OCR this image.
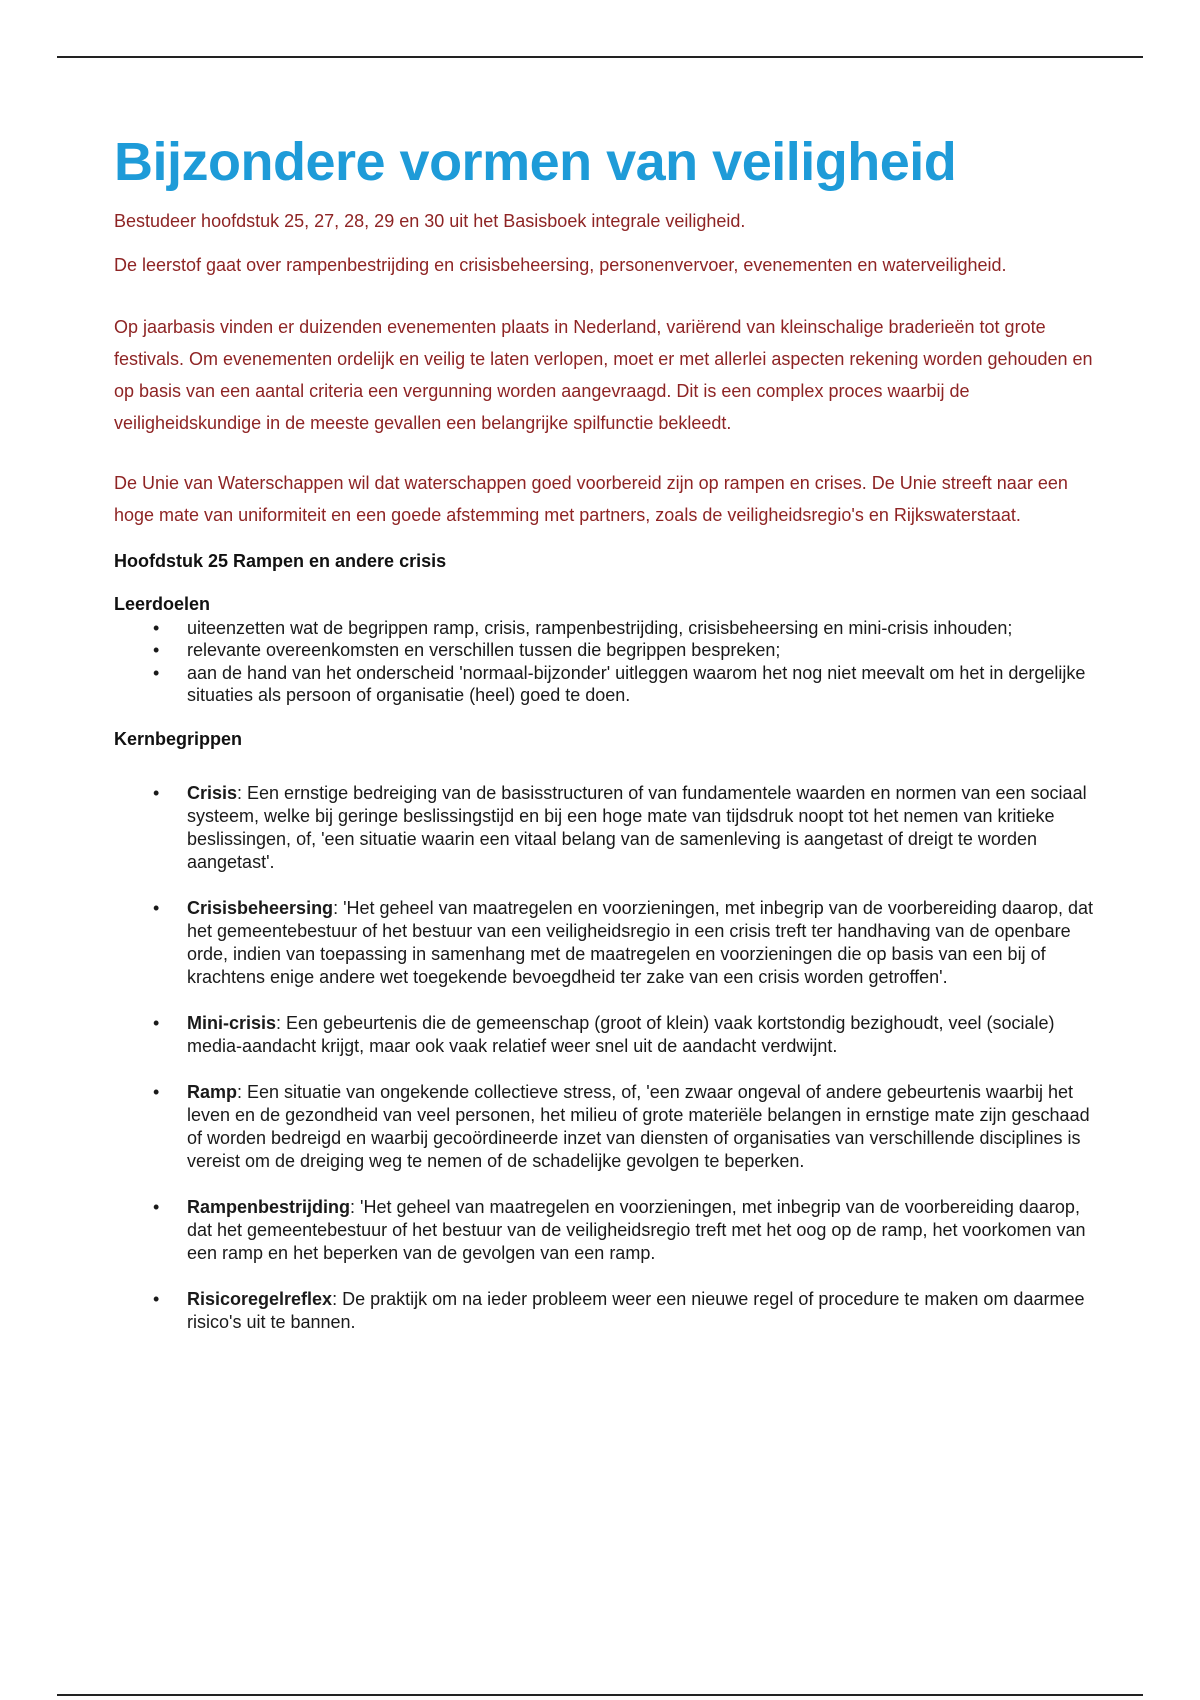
Bijzondere vormen van veiligheid

Bestudeer hoofdstuk 25, 27, 28, 29 en 30 uit het Basisboek integrale veiligheid.

De leerstof gaat over rampenbestrijding en crisisbeheersing, personenvervoer, evenementen en waterveiligheid.

Op jaarbasis vinden er duizenden evenementen plaats in Nederland, variërend van kleinschalige braderieën tot grote festivals. Om evenementen ordelijk en veilig te laten verlopen, moet er met allerlei aspecten rekening worden gehouden en op basis van een aantal criteria een vergunning worden aangevraagd. Dit is een complex proces waarbij de veiligheidskundige in de meeste gevallen een belangrijke spilfunctie bekleedt.

De Unie van Waterschappen wil dat waterschappen goed voorbereid zijn op rampen en crises. De Unie streeft naar een hoge mate van uniformiteit en een goede afstemming met partners, zoals de veiligheidsregio's en Rijkswaterstaat.

Hoofdstuk 25 Rampen en andere crisis

Leerdoelen

• uiteenzetten wat de begrippen ramp, crisis, rampenbestrijding, crisisbeheersing en mini-crisis inhouden;
• relevante overeenkomsten en verschillen tussen die begrippen bespreken;
• aan de hand van het onderscheid 'normaal-bijzonder' uitleggen waarom het nog niet meevalt om het in dergelijke situaties als persoon of organisatie (heel) goed te doen.

Kernbegrippen

• Crisis: Een ernstige bedreiging van de basisstructuren of van fundamentele waarden en normen van een sociaal systeem, welke bij geringe beslissingstijd en bij een hoge mate van tijdsdruk noopt tot het nemen van kritieke beslissingen, of, 'een situatie waarin een vitaal belang van de samenleving is aangetast of dreigt te worden aangetast'.
• Crisisbeheersing: 'Het geheel van maatregelen en voorzieningen, met inbegrip van de voorbereiding daarop, dat het gemeentebestuur of het bestuur van een veiligheidsregio in een crisis treft ter handhaving van de openbare orde, indien van toepassing in samenhang met de maatregelen en voorzieningen die op basis van een bij of krachtens enige andere wet toegekende bevoegdheid ter zake van een crisis worden getroffen'.
• Mini-crisis: Een gebeurtenis die de gemeenschap (groot of klein) vaak kortstondig bezighoudt, veel (sociale) media-aandacht krijgt, maar ook vaak relatief weer snel uit de aandacht verdwijnt.
• Ramp: Een situatie van ongekende collectieve stress, of, 'een zwaar ongeval of andere gebeurtenis waarbij het leven en de gezondheid van veel personen, het milieu of grote materiële belangen in ernstige mate zijn geschaad of worden bedreigd en waarbij gecoördineerde inzet van diensten of organisaties van verschillende disciplines is vereist om de dreiging weg te nemen of de schadelijke gevolgen te beperken.
• Rampenbestrijding: 'Het geheel van maatregelen en voorzieningen, met inbegrip van de voorbereiding daarop, dat het gemeentebestuur of het bestuur van de veiligheidsregio treft met het oog op de ramp, het voorkomen van een ramp en het beperken van de gevolgen van een ramp.
• Risicoregelreflex: De praktijk om na ieder probleem weer een nieuwe regel of procedure te maken om daarmee risico's uit te bannen.
